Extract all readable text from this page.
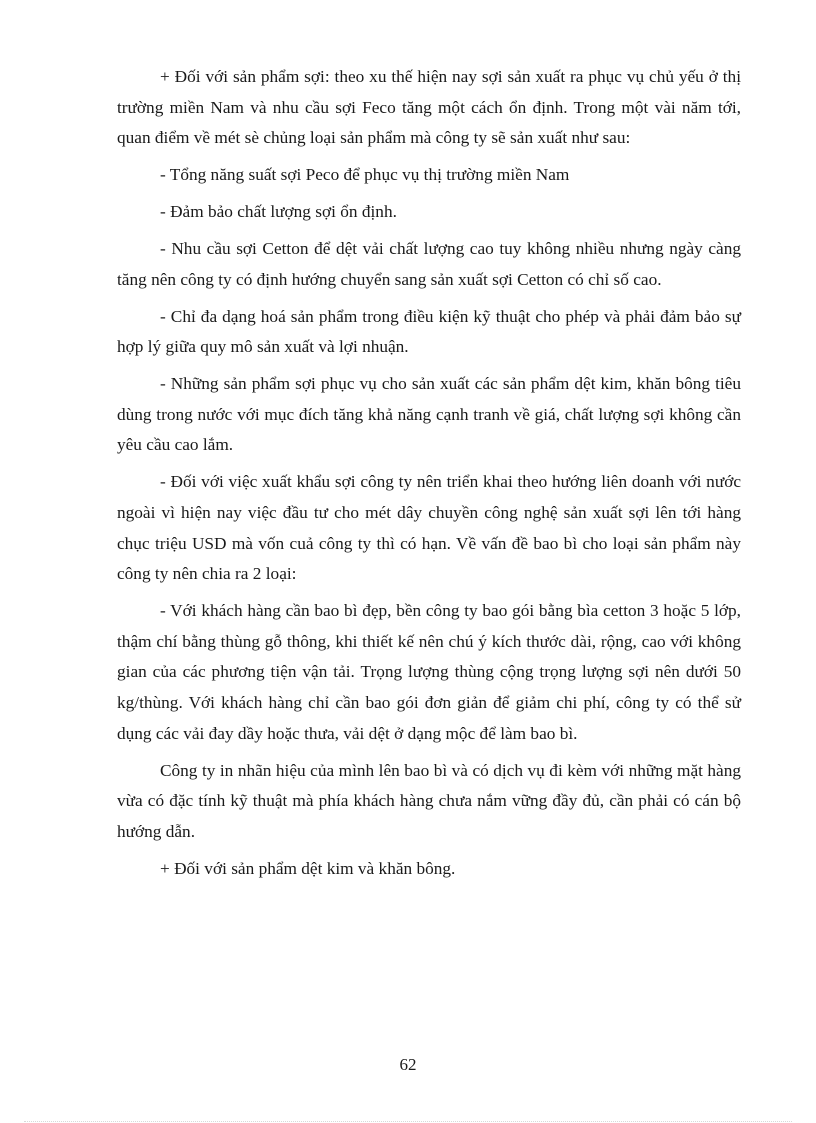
+ Đối với sản phẩm sợi: theo xu thế hiện nay sợi sản xuất ra phục vụ chủ yếu ở thị trường miền Nam và nhu cầu sợi Feco tăng một cách ổn định. Trong một vài năm tới, quan điểm về mét sè chủng loại sản phẩm mà công ty sẽ sản xuất như sau:

- Tổng năng suất sợi Peco để phục vụ thị trường miền Nam

- Đảm bảo chất lượng sợi ổn định.

- Nhu cầu sợi Cetton để dệt vải chất lượng cao tuy không nhiều nhưng ngày càng tăng nên công ty có định hướng chuyển sang sản xuất sợi Cetton có chỉ số cao.

- Chỉ đa dạng hoá sản phẩm trong điều kiện kỹ thuật cho phép và phải đảm bảo sự hợp lý giữa quy mô sản xuất và lợi nhuận.

- Những sản phẩm sợi phục vụ cho sản xuất các sản phẩm dệt kim, khăn bông tiêu dùng trong nước với mục đích tăng khả năng cạnh tranh về giá, chất lượng sợi không cần yêu cầu cao lắm.

- Đối với việc xuất khẩu sợi công ty nên triển khai theo hướng liên doanh với nước ngoài vì hiện nay việc đầu tư cho mét dây chuyền công nghệ sản xuất sợi lên tới hàng chục triệu USD mà vốn cuả công ty thì có hạn. Về vấn đề bao bì cho loại sản phẩm này công ty nên chia ra 2 loại:

- Với khách hàng cần bao bì đẹp, bền công ty bao gói bằng bìa cetton 3 hoặc 5 lớp, thậm chí bằng thùng gỗ thông, khi thiết kế nên chú ý kích thước dài, rộng, cao với không gian của các phương tiện vận tải. Trọng lượng thùng cộng trọng lượng sợi nên dưới 50 kg/thùng. Với khách hàng chỉ cần bao gói đơn giản để giảm chi phí, công ty có thể sử dụng các vải đay dầy hoặc thưa, vải dệt ở dạng mộc để làm bao bì.

Công ty in nhãn hiệu của mình lên bao bì và có dịch vụ đi kèm với những mặt hàng vừa có đặc tính kỹ thuật mà phía khách hàng chưa nắm vững đầy đủ, cần phải có cán bộ hướng dẫn.

+ Đối với sản phẩm dệt kim và khăn bông.

62
